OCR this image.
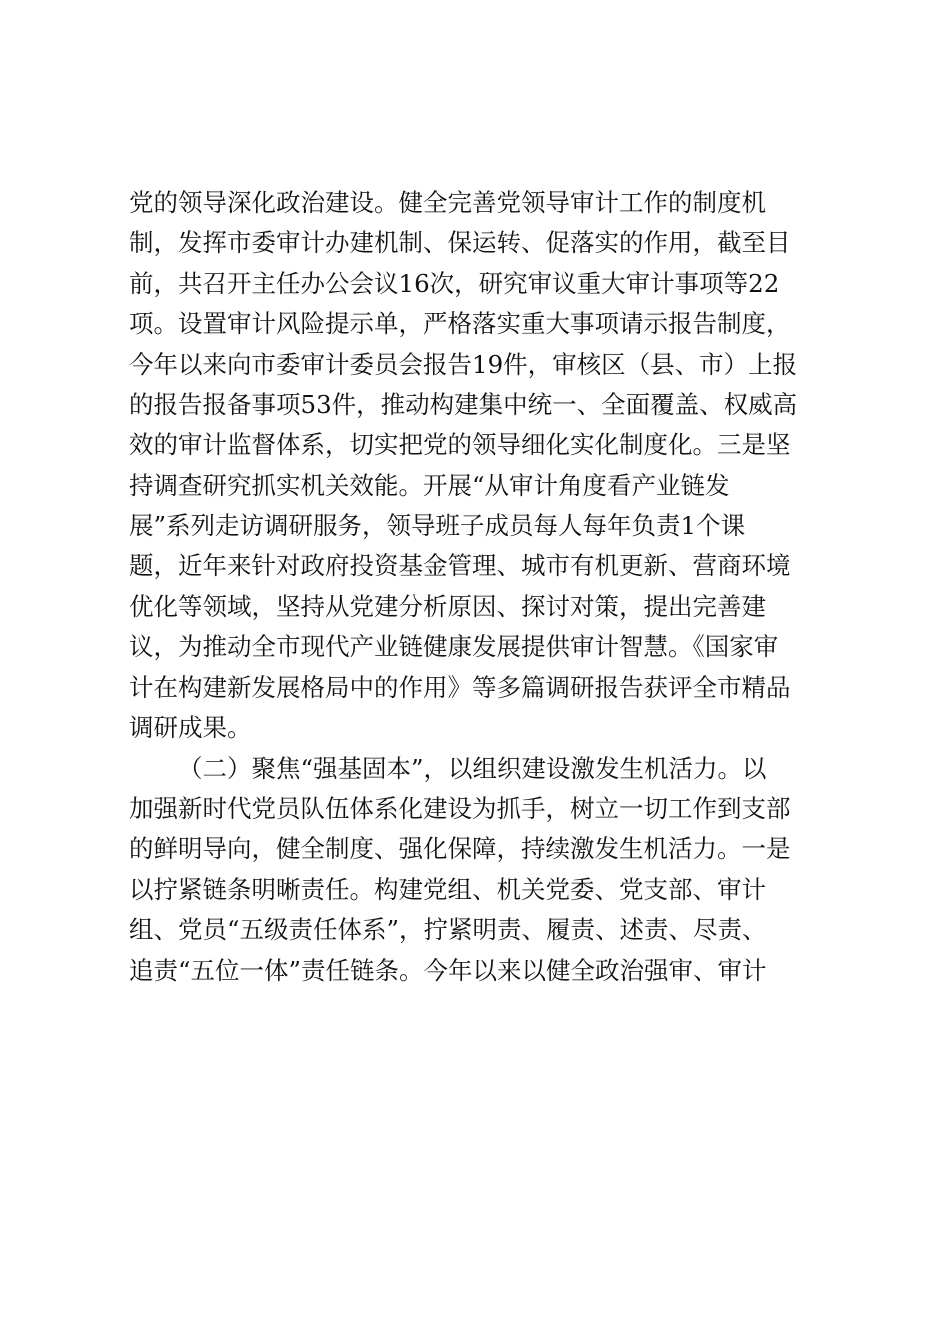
党的领导深化政治建设。健全完善党领导审计工作的制度机
制，发挥市委审计办建机制、保运转、促落实的作用，截至目
前，共召开主任办公会议16次，研究审议重大审计事项等22
项。设置审计风险提示单，严格落实重大事项请示报告制度，
今年以来向市委审计委员会报告19件，审核区（县、市）上报
的报告报备事项53件，推动构建集中统一、全面覆盖、权威高
效的审计监督体系，切实把党的领导细化实化制度化。三是坚
持调查研究抓实机关效能。开展“从审计角度看产业链发
展”系列走访调研服务，领导班子成员每人每年负责1个课
题，近年来针对政府投资基金管理、城市有机更新、营商环境
优化等领域，坚持从党建分析原因、探讨对策，提出完善建
议，为推动全市现代产业链健康发展提供审计智慧。《国家审
计在构建新发展格局中的作用》等多篇调研报告获评全市精品
调研成果。
（二）聚焦“强基固本”，以组织建设激发生机活力。以
加强新时代党员队伍体系化建设为抓手，树立一切工作到支部
的鲜明导向，健全制度、强化保障，持续激发生机活力。一是
以拧紧链条明晰责任。构建党组、机关党委、党支部、审计
组、党员“五级责任体系”，拧紧明责、履责、述责、尽责、
追责“五位一体”责任链条。今年以来以健全政治强审、审计
